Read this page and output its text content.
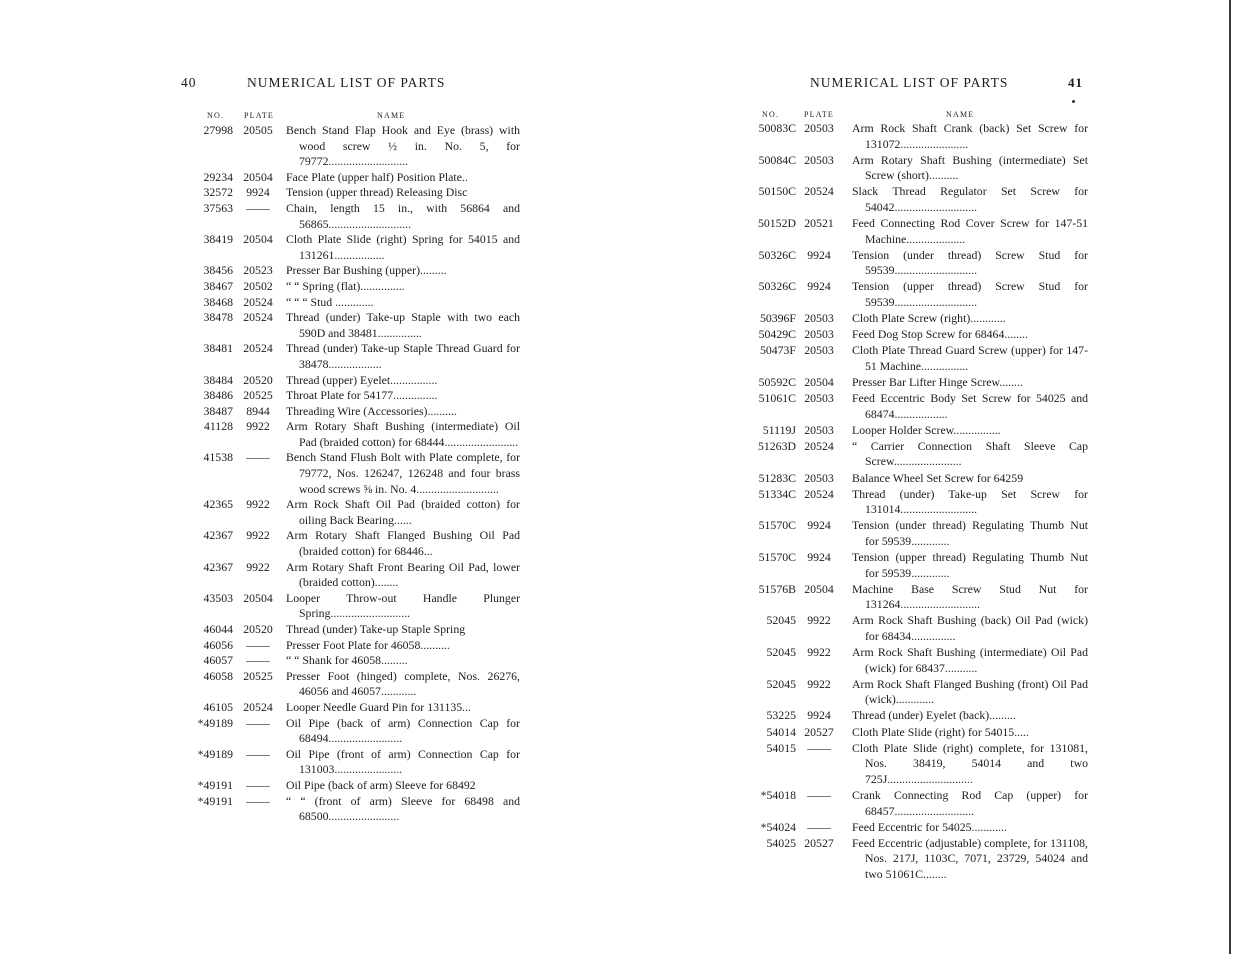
40	NUMERICAL LIST OF PARTS
NO. PLATE	NAME
27998 20505	Bench Stand Flap Hook and Eye (brass) with wood screw ½ in. No. 5, for 79772...........................
29234 20504	Face Plate (upper half) Position Plate..
32572	9924	Tension (upper thread) Releasing Disc
37563	——	Chain, length 15 in., with 56864 and 56865............................
38419 20504	Cloth Plate Slide (right) Spring for 54015 and 131261.................
38456 20523	Presser Bar Bushing (upper).........
38467 20502	“ “ Spring (flat)...............
38468 20524	“ “ “ Stud .............
38478 20524	Thread (under) Take-up Staple with two each 590D and 38481...............
38481 20524	Thread (under) Take-up Staple Thread Guard for 38478..................
38484 20520	Thread (upper) Eyelet................
38486 20525	Throat Plate for 54177...............
38487	8944	Threading Wire (Accessories)..........
41128	9922	Arm Rotary Shaft Bushing (intermediate) Oil Pad (braided cotton) for 68444.........................
41538	——	Bench Stand Flush Bolt with Plate complete, for 79772, Nos. 126247, 126248 and four brass wood screws ⅝ in. No. 4............................
42365	9922	Arm Rock Shaft Oil Pad (braided cotton) for oiling Back Bearing......
42367	9922	Arm Rotary Shaft Flanged Bushing Oil Pad (braided cotton) for 68446...
42367	9922	Arm Rotary Shaft Front Bearing Oil Pad, lower (braided cotton)........
43503 20504	Looper Throw-out Handle Plunger Spring...........................
46044 20520	Thread (under) Take-up Staple Spring
46056	——	Presser Foot Plate for 46058..........
46057	——	“ “ Shank for 46058.........
46058 20525	Presser Foot (hinged) complete, Nos. 26276, 46056 and 46057............
46105 20524	Looper Needle Guard Pin for 131135...
*49189	——	Oil Pipe (back of arm) Connection Cap for 68494.........................
*49189	——	Oil Pipe (front of arm) Connection Cap for 131003.......................
*49191	——	Oil Pipe (back of arm) Sleeve for 68492
*49191	——	“ “ (front of arm) Sleeve for 68498 and 68500........................
NUMERICAL LIST OF PARTS	41
NO.	PLATE	NAME
50083C 20503	Arm Rock Shaft Crank (back) Set Screw for 131072.......................
50084C 20503	Arm Rotary Shaft Bushing (intermediate) Set Screw (short)..........
50150C 20524	Slack Thread Regulator Set Screw for 54042............................
50152D 20521	Feed Connecting Rod Cover Screw for 147-51 Machine....................
50326C 9924	Tension (under thread) Screw Stud for 59539............................
50326C 9924	Tension (upper thread) Screw Stud for 59539............................
50396F 20503	Cloth Plate Screw (right)............
50429C 20503	Feed Dog Stop Screw for 68464........
50473F 20503	Cloth Plate Thread Guard Screw (upper) for 147-51 Machine................
50592C 20504	Presser Bar Lifter Hinge Screw........
51061C 20503	Feed Eccentric Body Set Screw for 54025 and 68474..................
51119J 20503	Looper Holder Screw................
51263D 20524	“ Carrier Connection Shaft Sleeve Cap Screw.......................
51283C 20503	Balance Wheel Set Screw for 64259
51334C 20524	Thread (under) Take-up Set Screw for 131014..........................
51570C 9924	Tension (under thread) Regulating Thumb Nut for 59539.............
51570C 9924	Tension (upper thread) Regulating Thumb Nut for 59539.............
51576B 20504	Machine Base Screw Stud Nut for 131264...........................
52045 9922	Arm Rock Shaft Bushing (back) Oil Pad (wick) for 68434...............
52045 9922	Arm Rock Shaft Bushing (intermediate) Oil Pad (wick) for 68437...........
52045 9922	Arm Rock Shaft Flanged Bushing (front) Oil Pad (wick).............
53225 9924	Thread (under) Eyelet (back).........
54014 20527	Cloth Plate Slide (right) for 54015.....
54015 ——	Cloth Plate Slide (right) complete, for 131081, Nos. 38419, 54014 and two 725J.............................
*54018 ——	Crank Connecting Rod Cap (upper) for 68457...........................
*54024 ——	Feed Eccentric for 54025............
54025 20527	Feed Eccentric (adjustable) complete, for 131108, Nos. 217J, 1103C, 7071, 23729, 54024 and two 51061C........
